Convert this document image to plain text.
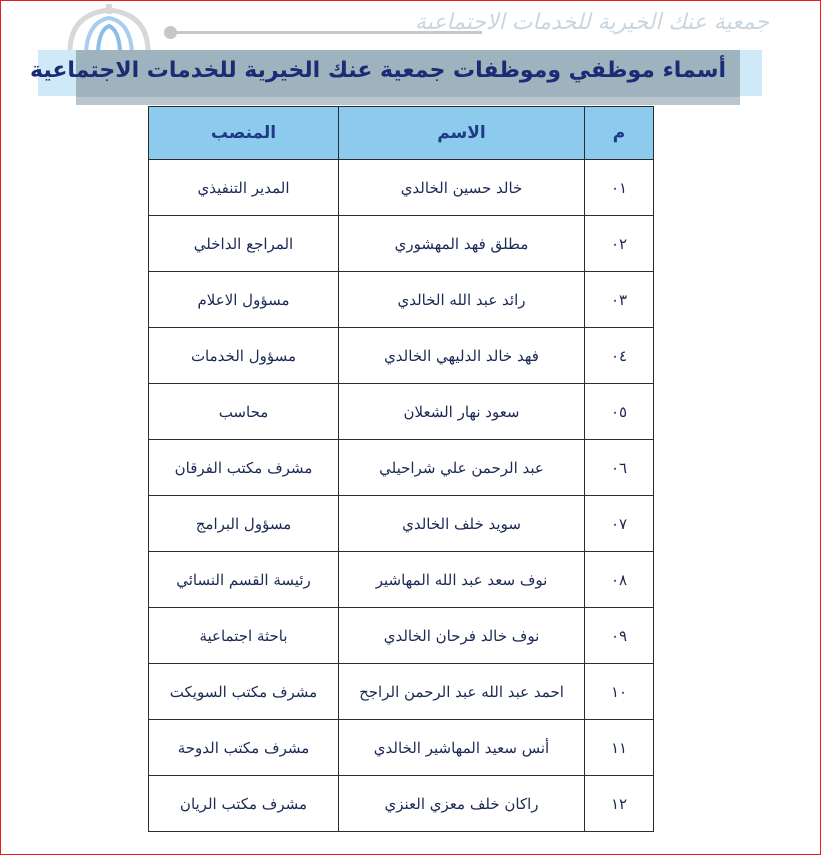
جمعية عنك الخيرية للخدمات الاجتماعية
أسماء موظفي وموظفات جمعية عنك الخيرية للخدمات الاجتماعية
م	الاسم	المنصب
٠١	خالد حسين الخالدي	المدير التنفيذي
٠٢	مطلق فهد المهشوري	المراجع الداخلي
٠٣	رائد عبد الله الخالدي	مسؤول الاعلام
٠٤	فهد خالد الدليهي الخالدي	مسؤول الخدمات
٠٥	سعود نهار الشعلان	محاسب
٠٦	عبد الرحمن علي شراحيلي	مشرف مكتب الفرقان
٠٧	سويد خلف الخالدي	مسؤول البرامج
٠٨	نوف سعد عبد الله المهاشير	رئيسة القسم النسائي
٠٩	نوف خالد فرحان الخالدي	باحثة اجتماعية
١٠	احمد عبد الله عبد الرحمن الراجح	مشرف مكتب السويكت
١١	أنس سعيد المهاشير الخالدي	مشرف مكتب الدوحة
١٢	راكان خلف معزي العنزي	مشرف مكتب الريان
